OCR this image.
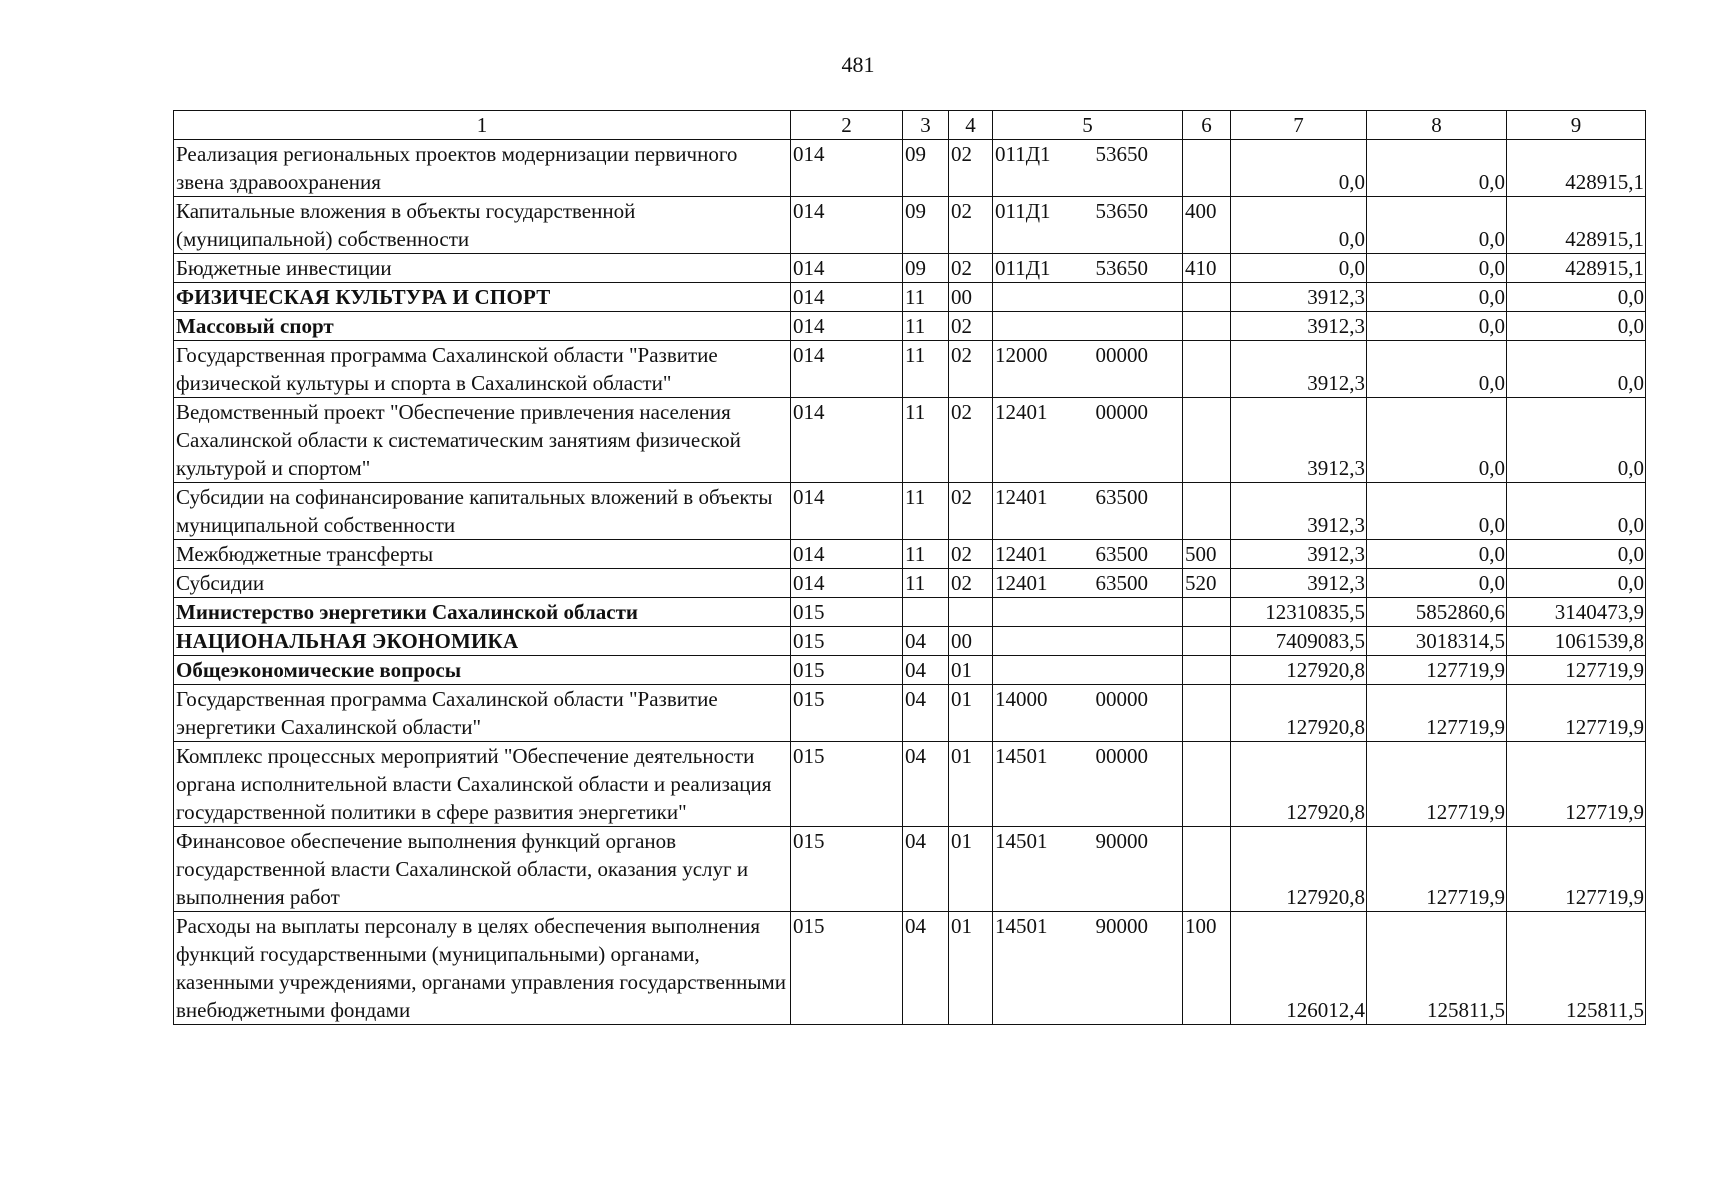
481
1	2	3	4	5		6	7	8	9
Реализация региональных проектов модернизации первичного звена здравоохранения	014	09	02	011Д1	53650		0,0	0,0	428915,1
Капитальные вложения в объекты государственной (муниципальной) собственности	014	09	02	011Д1	53650	400	0,0	0,0	428915,1
Бюджетные инвестиции	014	09	02	011Д1	53650	410	0,0	0,0	428915,1
ФИЗИЧЕСКАЯ КУЛЬТУРА И СПОРТ	014	11	00				3912,3	0,0	0,0
Массовый спорт	014	11	02				3912,3	0,0	0,0
Государственная программа Сахалинской области "Развитие физической культуры и спорта в Сахалинской области"	014	11	02	12000	00000		3912,3	0,0	0,0
Ведомственный проект "Обеспечение привлечения населения Сахалинской области к систематическим занятиям физической культурой и спортом"	014	11	02	12401	00000		3912,3	0,0	0,0
Субсидии на софинансирование капитальных вложений в объекты муниципальной собственности	014	11	02	12401	63500		3912,3	0,0	0,0
Межбюджетные трансферты	014	11	02	12401	63500	500	3912,3	0,0	0,0
Субсидии	014	11	02	12401	63500	520	3912,3	0,0	0,0
Министерство энергетики Сахалинской области	015						12310835,5	5852860,6	3140473,9
НАЦИОНАЛЬНАЯ ЭКОНОМИКА	015	04	00				7409083,5	3018314,5	1061539,8
Общеэкономические вопросы	015	04	01				127920,8	127719,9	127719,9
Государственная программа Сахалинской области "Развитие энергетики Сахалинской области"	015	04	01	14000	00000		127920,8	127719,9	127719,9
Комплекс процессных мероприятий "Обеспечение деятельности органа исполнительной власти Сахалинской области и реализация государственной политики в сфере развития энергетики"	015	04	01	14501	00000		127920,8	127719,9	127719,9
Финансовое обеспечение выполнения функций органов государственной власти Сахалинской области, оказания услуг и выполнения работ	015	04	01	14501	90000		127920,8	127719,9	127719,9
Расходы на выплаты персоналу в целях обеспечения выполнения функций государственными (муниципальными) органами, казенными учреждениями, органами управления государственными внебюджетными фондами	015	04	01	14501	90000	100	126012,4	125811,5	125811,5
